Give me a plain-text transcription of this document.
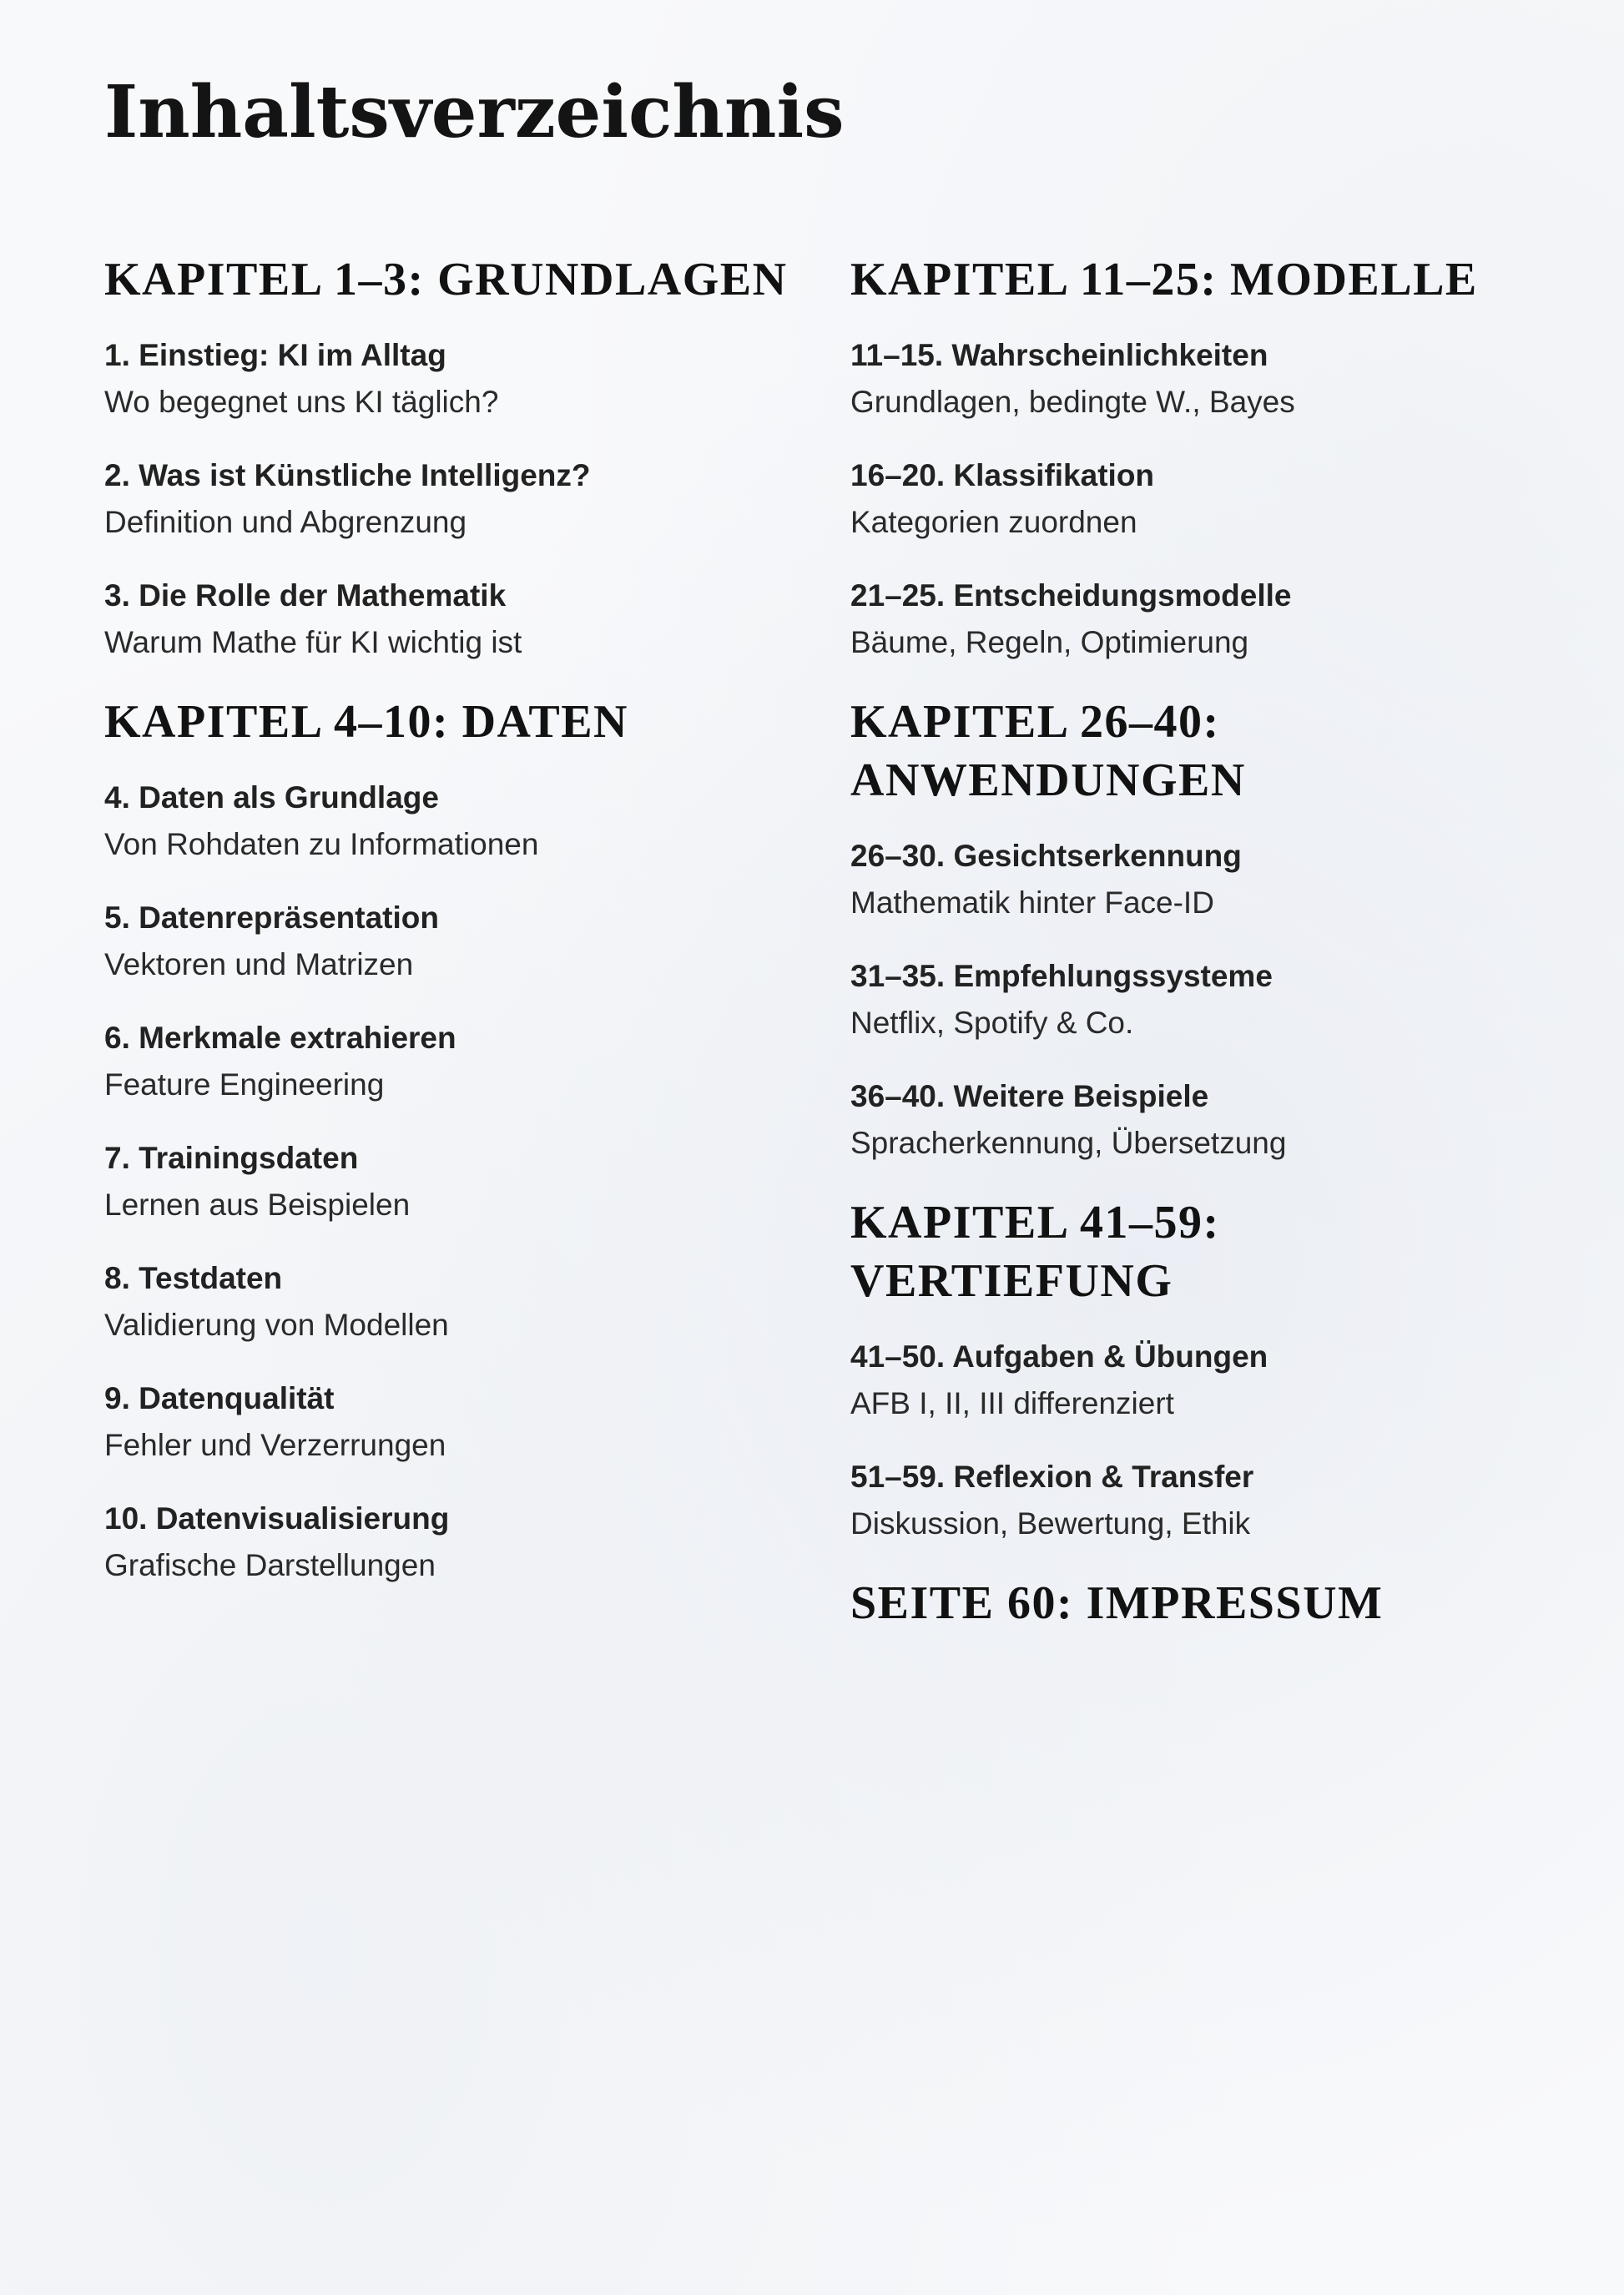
Inhaltsverzeichnis
KAPITEL 1–3: GRUNDLAGEN
1. Einstieg: KI im Alltag
Wo begegnet uns KI täglich?
2. Was ist Künstliche Intelligenz?
Definition und Abgrenzung
3. Die Rolle der Mathematik
Warum Mathe für KI wichtig ist
KAPITEL 4–10: DATEN
4. Daten als Grundlage
Von Rohdaten zu Informationen
5. Datenrepräsentation
Vektoren und Matrizen
6. Merkmale extrahieren
Feature Engineering
7. Trainingsdaten
Lernen aus Beispielen
8. Testdaten
Validierung von Modellen
9. Datenqualität
Fehler und Verzerrungen
10. Datenvisualisierung
Grafische Darstellungen
KAPITEL 11–25: MODELLE
11–15. Wahrscheinlichkeiten
Grundlagen, bedingte W., Bayes
16–20. Klassifikation
Kategorien zuordnen
21–25. Entscheidungsmodelle
Bäume, Regeln, Optimierung
KAPITEL 26–40: ANWENDUNGEN
26–30. Gesichtserkennung
Mathematik hinter Face-ID
31–35. Empfehlungssysteme
Netflix, Spotify & Co.
36–40. Weitere Beispiele
Spracherkennung, Übersetzung
KAPITEL 41–59: VERTIEFUNG
41–50. Aufgaben & Übungen
AFB I, II, III differenziert
51–59. Reflexion & Transfer
Diskussion, Bewertung, Ethik
SEITE 60: IMPRESSUM
